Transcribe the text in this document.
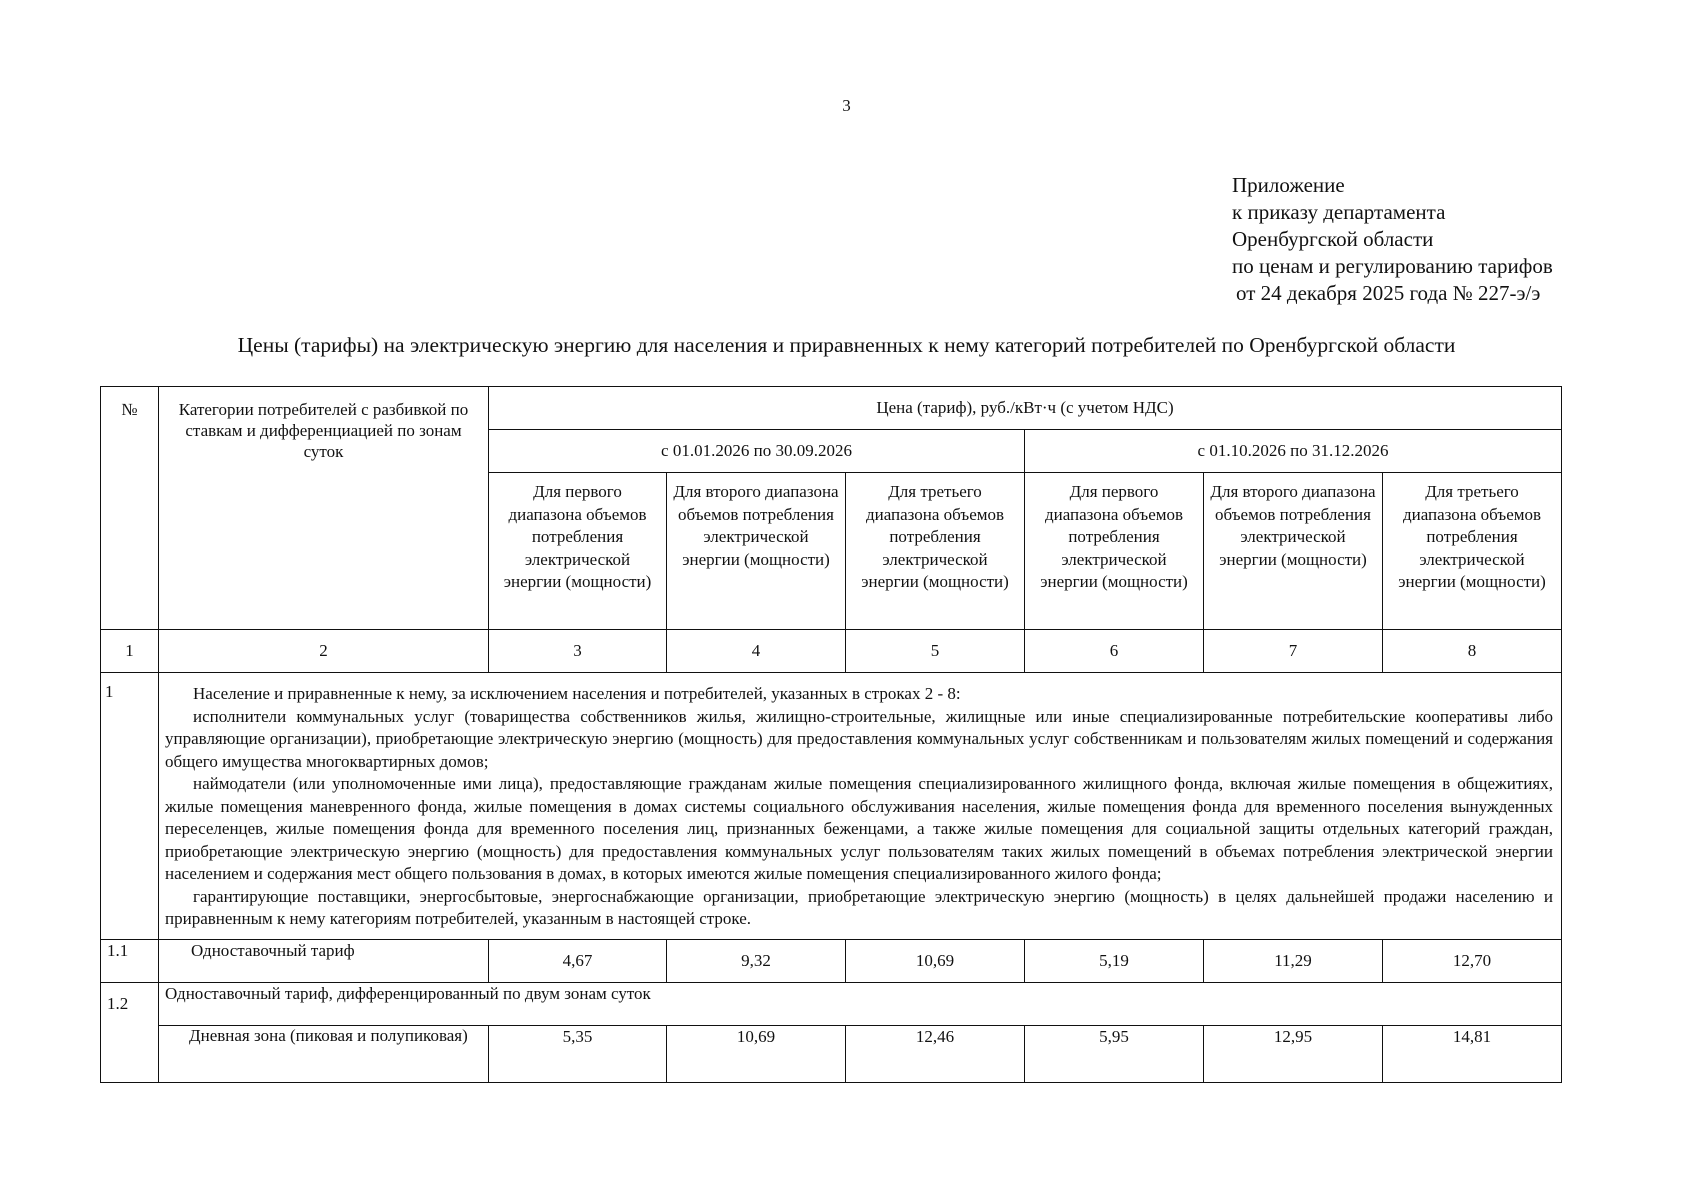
3
Приложение
к приказу департамента
Оренбургской области
по ценам и регулированию тарифов
от 24 декабря 2025 года № 227-э/э
Цены (тарифы) на электрическую энергию для населения и приравненных к нему категорий потребителей по Оренбургской области
№	Категории потребителей с разбивкой по ставкам и дифференциацией по зонам суток	Цена (тариф), руб./кВт·ч (с учетом НДС)					
		с 01.01.2026 по 30.09.2026			с 01.10.2026 по 31.12.2026		
		Для первого диапазона объемов потребления электрической энергии (мощности)	Для второго диапазона объемов потребления электрической энергии (мощности)	Для третьего диапазона объемов потребления электрической энергии (мощности)	Для первого диапазона объемов потребления электрической энергии (мощности)	Для второго диапазона объемов потребления электрической энергии (мощности)	Для третьего диапазона объемов потребления электрической энергии (мощности)
1	2	3	4	5	6	7	8
1	Население и приравненные к нему, за исключением населения и потребителей, указанных в строках 2 - 8:

исполнители коммунальных услуг (товарищества собственников жилья, жилищно-строительные, жилищные или иные специализированные потребительские кооперативы либо управляющие организации), приобретающие электрическую энергию (мощность) для предоставления коммунальных услуг собственникам и пользователям жилых помещений и содержания общего имущества многоквартирных домов;

наймодатели (или уполномоченные ими лица), предоставляющие гражданам жилые помещения специализированного жилищного фонда, включая жилые помещения в общежитиях, жилые помещения маневренного фонда, жилые помещения в домах системы социального обслуживания населения, жилые помещения фонда для временного поселения вынужденных переселенцев, жилые помещения фонда для временного поселения лиц, признанных беженцами, а также жилые помещения для социальной защиты отдельных категорий граждан, приобретающие электрическую энергию (мощность) для предоставления коммунальных услуг пользователям таких жилых помещений в объемах потребления электрической энергии населением и содержания мест общего пользования в домах, в которых имеются жилые помещения специализированного жилого фонда;

гарантирующие поставщики, энергосбытовые, энергоснабжающие организации, приобретающие электрическую энергию (мощность) в целях дальнейшей продажи населению и приравненным к нему категориям потребителей, указанным в настоящей строке.						

1.1	Одноставочный тариф	4,67	9,32	10,69	5,19	11,29	12,70
1.2	Одноставочный тариф, дифференцированный по двум зонам суток						
	Дневная зона (пиковая и полупиковая)	5,35	10,69	12,46	5,95	12,95	14,81
